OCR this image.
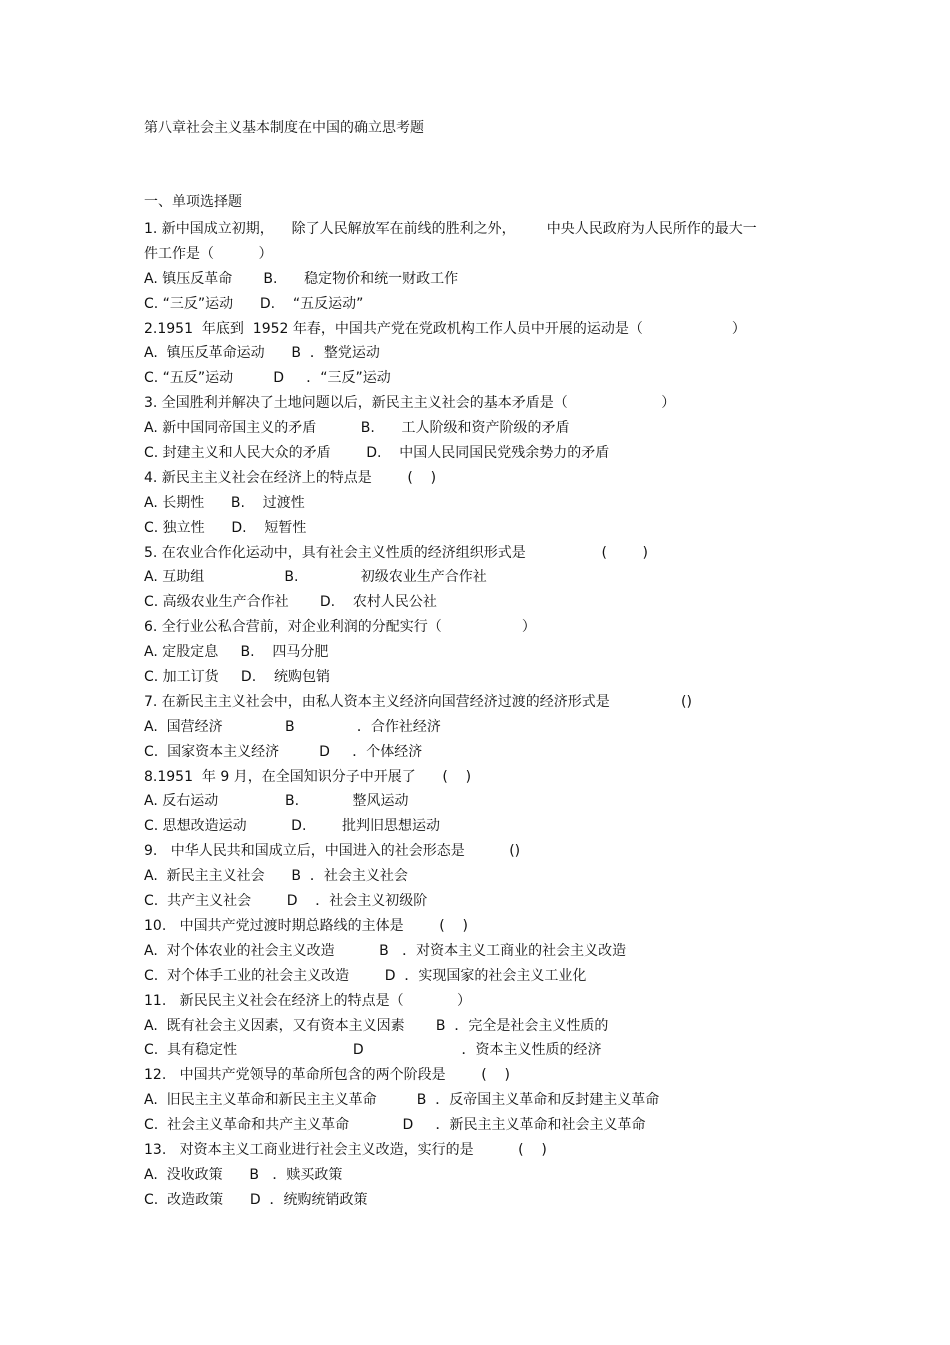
第八章社会主义基本制度在中国的确立思考题
一、单项选择题
1. 新中国成立初期，    除了人民解放军在前线的胜利之外，       中央人民政府为人民所作的最大一
件工作是（          ）
A. 镇压反革命       B.      稳定物价和统一财政工作
C. “三反”运动      D.    “五反运动”
2.1951  年底到  1952 年春，中国共产党在党政机构工作人员中开展的运动是（                    ）
A.  镇压反革命运动      B  ．整党运动
C. “五反”运动         D     ．“三反”运动
3. 全国胜利并解决了土地问题以后，新民主主义社会的基本矛盾是（                     ）
A. 新中国同帝国主义的矛盾          B.      工人阶级和资产阶级的矛盾
C. 封建主义和人民大众的矛盾        D.    中国人民同国民党残余势力的矛盾
4. 新民主主义社会在经济上的特点是        (    )
A. 长期性      B.    过渡性
C. 独立性      D.    短暂性
5. 在农业合作化运动中，具有社会主义性质的经济组织形式是                 (        )
A. 互助组                  B.              初级农业生产合作社
C. 高级农业生产合作社       D.    农村人民公社
6. 全行业公私合营前，对企业利润的分配实行（                  ）
A. 定股定息     B.    四马分肥
C. 加工订货     D.    统购包销
7. 在新民主主义社会中，由私人资本主义经济向国营经济过渡的经济形式是                ()
A.  国营经济              B              ．合作社经济
C.  国家资本主义经济         D     ．个体经济
8.1951  年 9 月，在全国知识分子中开展了      (    )
A. 反右运动               B.            整风运动
C. 思想改造运动          D.        批判旧思想运动
9.   中华人民共和国成立后，中国进入的社会形态是          ()
A.  新民主主义社会      B  ．社会主义社会
C.  共产主义社会        D    ．社会主义初级阶
10.   中国共产党过渡时期总路线的主体是        (    )
A.  对个体农业的社会主义改造          B   ．对资本主义工商业的社会主义改造
C.  对个体手工业的社会主义改造        D  ．实现国家的社会主义工业化
11.   新民民主义社会在经济上的特点是（            ）
A.  既有社会主义因素，又有资本主义因素       B  ．完全是社会主义性质的
C.  具有稳定性                          D                      ．资本主义性质的经济
12.   中国共产党领导的革命所包含的两个阶段是        (    )
A.  旧民主主义革命和新民主主义革命         B  ．反帝国主义革命和反封建主义革命
C.  社会主义革命和共产主义革命            D     ．新民主主义革命和社会主义革命
13.   对资本主义工商业进行社会主义改造，实行的是          (    )
A.  没收政策      B   ．赎买政策
C.  改造政策      D  ．统购统销政策
